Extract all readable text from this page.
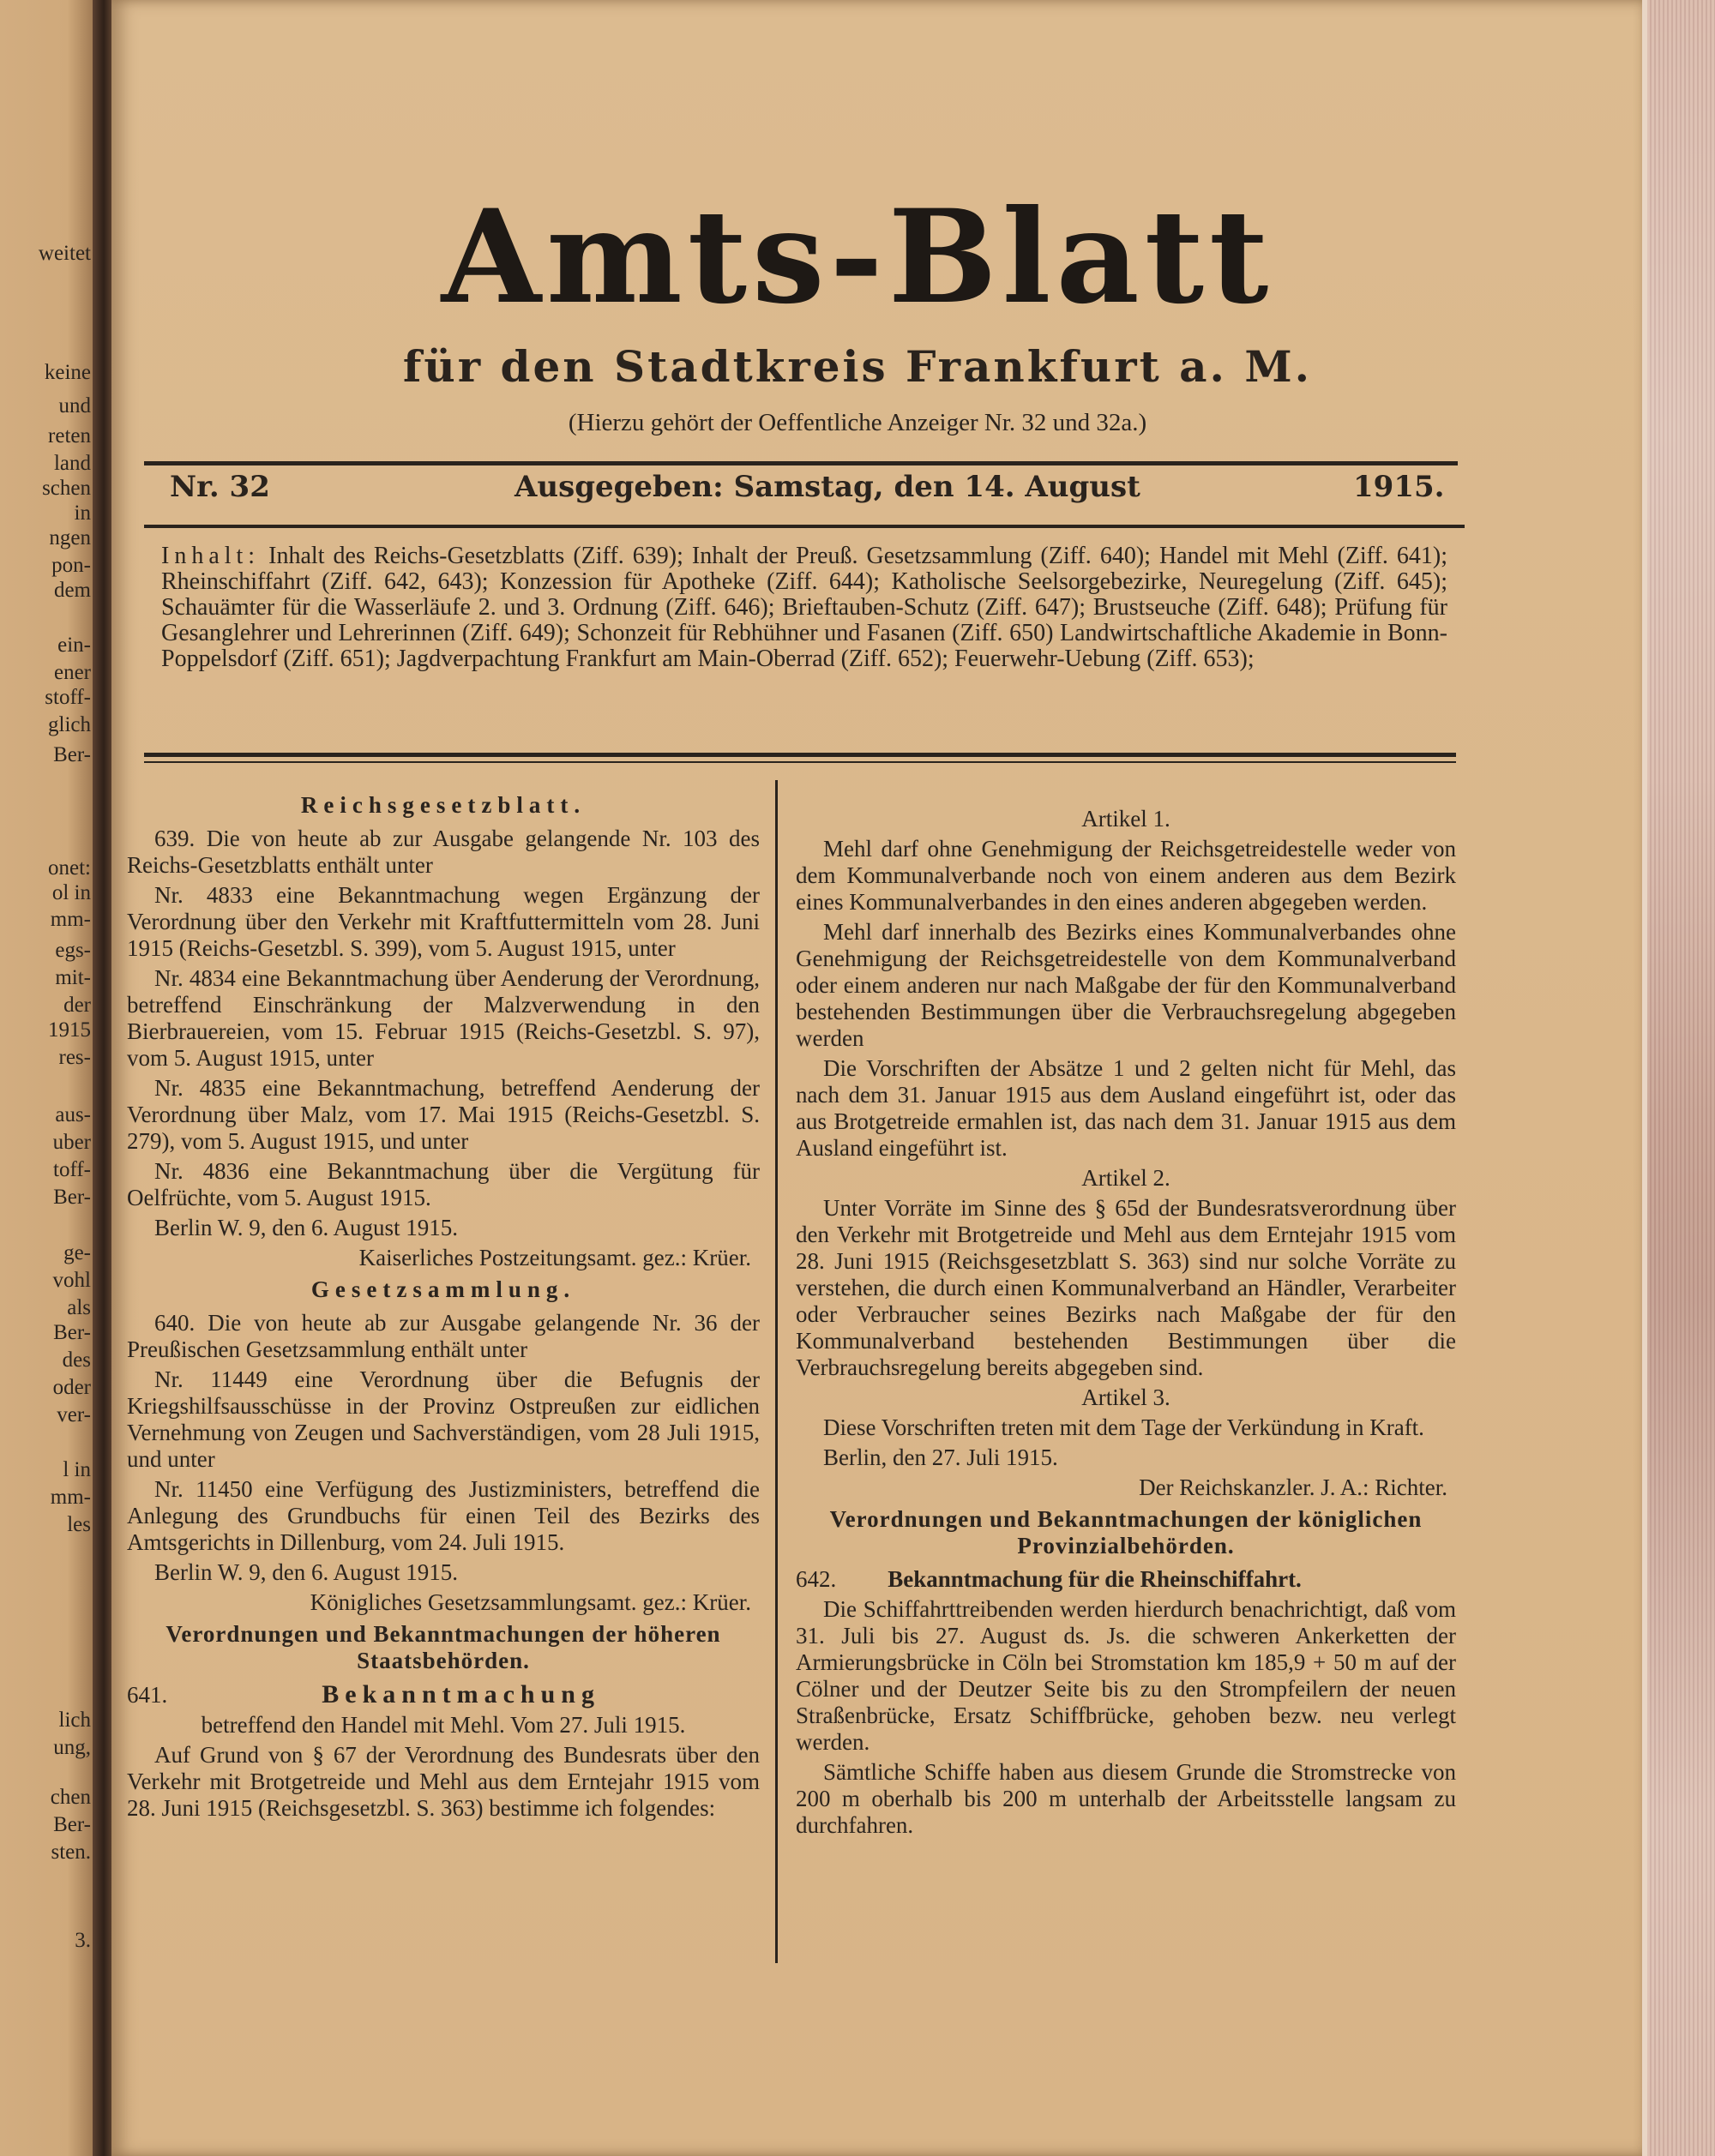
weitet
keine
und
reten
land
schen
in
ngen
pon-
dem
ein-
ener
stoff-
glich
Ber-
onet:
ol in
mm-
egs-
mit-
der
1915
res-
aus-
uber
toff-
Ber-
ge-
vohl
als
Ber-
des
oder
ver-
l in
mm-
les
lich
ung,
chen
Ber-
sten.
3.
Amts-Blatt
für den Stadtkreis Frankfurt a. M.
(Hierzu gehört der Oeffentliche Anzeiger Nr. 32 und 32a.)
Nr. 32	Ausgegeben: Samstag, den 14. August	1915.
Inhalt: Inhalt des Reichs-Gesetzblatts (Ziff. 639); Inhalt der Preuß. Gesetzsammlung (Ziff. 640); Handel mit Mehl (Ziff. 641); Rheinschiffahrt (Ziff. 642, 643); Konzession für Apotheke (Ziff. 644); Katholische Seelsorgebezirke, Neuregelung (Ziff. 645); Schauämter für die Wasserläufe 2. und 3. Ordnung (Ziff. 646); Brieftauben-Schutz (Ziff. 647); Brustseuche (Ziff. 648); Prüfung für Gesanglehrer und Lehrerinnen (Ziff. 649); Schonzeit für Rebhühner und Fasanen (Ziff. 650) Landwirtschaftliche Akademie in Bonn-Poppelsdorf (Ziff. 651); Jagdverpachtung Frankfurt am Main-Oberrad (Ziff. 652); Feuerwehr-Uebung (Ziff. 653);
Reichsgesetzblatt.
639. Die von heute ab zur Ausgabe gelangende Nr. 103 des Reichs-Gesetzblatts enthält unter
Nr. 4833 eine Bekanntmachung wegen Ergänzung der Verordnung über den Verkehr mit Kraftfuttermitteln vom 28. Juni 1915 (Reichs-Gesetzbl. S. 399), vom 5. August 1915, unter
Nr. 4834 eine Bekanntmachung über Aenderung der Verordnung, betreffend Einschränkung der Malzverwendung in den Bierbrauereien, vom 15. Februar 1915 (Reichs-Gesetzbl. S. 97), vom 5. August 1915, unter
Nr. 4835 eine Bekanntmachung, betreffend Aenderung der Verordnung über Malz, vom 17. Mai 1915 (Reichs-Gesetzbl. S. 279), vom 5. August 1915, und unter
Nr. 4836 eine Bekanntmachung über die Vergütung für Oelfrüchte, vom 5. August 1915.
Berlin W. 9, den 6. August 1915.
Kaiserliches Postzeitungsamt. gez.: Krüer.
Gesetzsammlung.
640. Die von heute ab zur Ausgabe gelangende Nr. 36 der Preußischen Gesetzsammlung enthält unter
Nr. 11449 eine Verordnung über die Befugnis der Kriegshilfsausschüsse in der Provinz Ostpreußen zur eidlichen Vernehmung von Zeugen und Sachverständigen, vom 28 Juli 1915, und unter
Nr. 11450 eine Verfügung des Justizministers, betreffend die Anlegung des Grundbuchs für einen Teil des Bezirks des Amtsgerichts in Dillenburg, vom 24. Juli 1915.
Berlin W. 9, den 6. August 1915.
Königliches Gesetzsammlungsamt. gez.: Krüer.
Verordnungen und Bekanntmachungen der höheren Staatsbehörden.
641.	Bekanntmachung
betreffend den Handel mit Mehl. Vom 27. Juli 1915.
Auf Grund von § 67 der Verordnung des Bundesrats über den Verkehr mit Brotgetreide und Mehl aus dem Erntejahr 1915 vom 28. Juni 1915 (Reichsgesetzbl. S. 363) bestimme ich folgendes:
Artikel 1.
Mehl darf ohne Genehmigung der Reichsgetreidestelle weder von dem Kommunalverbande noch von einem anderen aus dem Bezirk eines Kommunalverbandes in den eines anderen abgegeben werden.
Mehl darf innerhalb des Bezirks eines Kommunalverbandes ohne Genehmigung der Reichsgetreidestelle von dem Kommunalverband oder einem anderen nur nach Maßgabe der für den Kommunalverband bestehenden Bestimmungen über die Verbrauchsregelung abgegeben werden
Die Vorschriften der Absätze 1 und 2 gelten nicht für Mehl, das nach dem 31. Januar 1915 aus dem Ausland eingeführt ist, oder das aus Brotgetreide ermahlen ist, das nach dem 31. Januar 1915 aus dem Ausland eingeführt ist.
Artikel 2.
Unter Vorräte im Sinne des § 65d der Bundesratsverordnung über den Verkehr mit Brotgetreide und Mehl aus dem Erntejahr 1915 vom 28. Juni 1915 (Reichsgesetzblatt S. 363) sind nur solche Vorräte zu verstehen, die durch einen Kommunalverband an Händler, Verarbeiter oder Verbraucher seines Bezirks nach Maßgabe der für den Kommunalverband bestehenden Bestimmungen über die Verbrauchsregelung bereits abgegeben sind.
Artikel 3.
Diese Vorschriften treten mit dem Tage der Verkündung in Kraft.
Berlin, den 27. Juli 1915.
Der Reichskanzler. J. A.: Richter.
Verordnungen und Bekanntmachungen der königlichen Provinzialbehörden.
642. Bekanntmachung für die Rheinschiffahrt.
Die Schiffahrttreibenden werden hierdurch benachrichtigt, daß vom 31. Juli bis 27. August ds. Js. die schweren Ankerketten der Armierungsbrücke in Cöln bei Stromstation km 185,9 + 50 m auf der Cölner und der Deutzer Seite bis zu den Strompfeilern der neuen Straßenbrücke, Ersatz Schiffbrücke, gehoben bezw. neu verlegt werden.
Sämtliche Schiffe haben aus diesem Grunde die Stromstrecke von 200 m oberhalb bis 200 m unterhalb der Arbeitsstelle langsam zu durchfahren.
